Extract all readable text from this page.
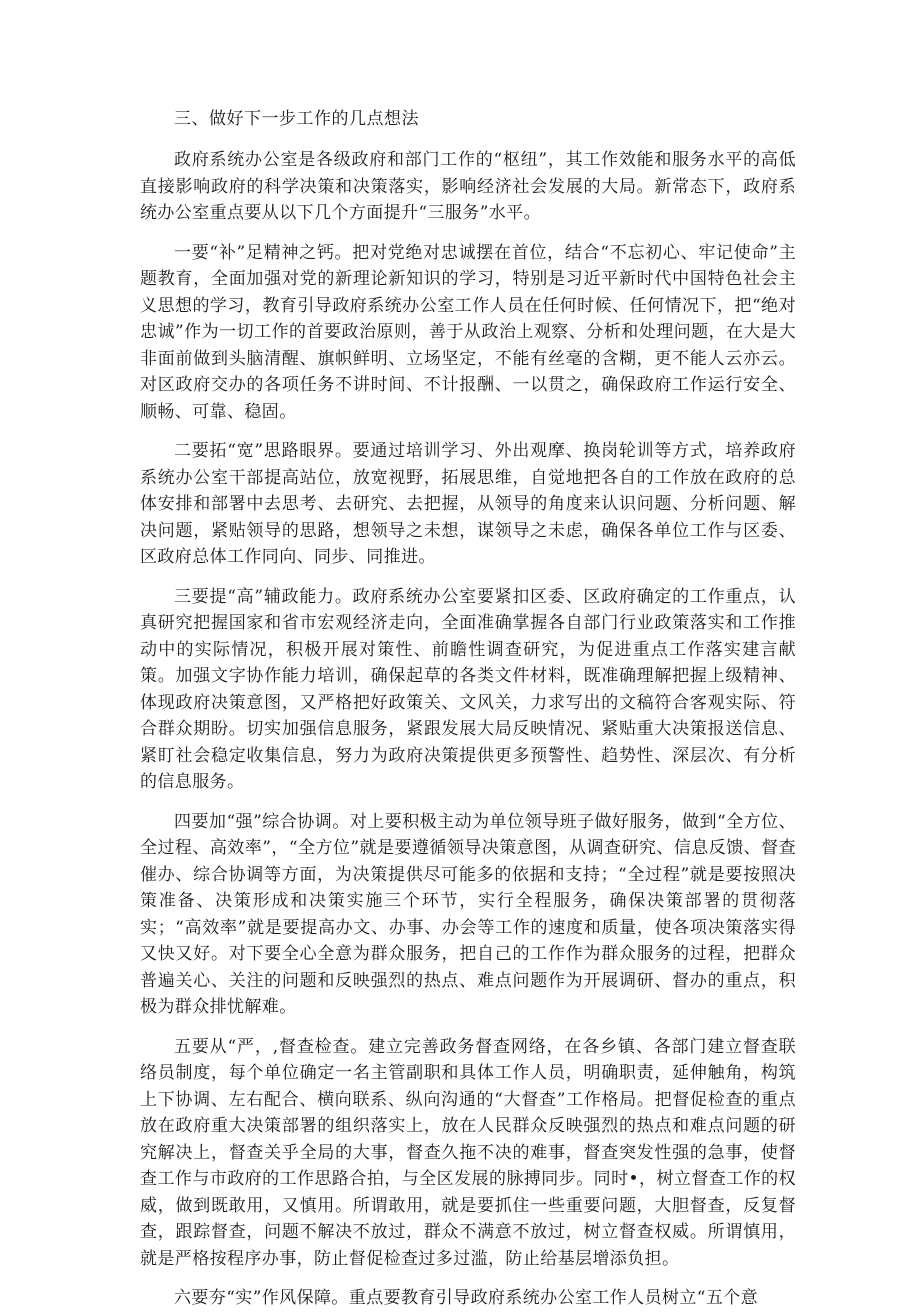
三、做好下一步工作的几点想法

政府系统办公室是各级政府和部门工作的“枢纽”，其工作效能和服务水平的高低直接影响政府的科学决策和决策落实，影响经济社会发展的大局。新常态下，政府系统办公室重点要从以下几个方面提升“三服务”水平。

一要“补”足精神之钙。把对党绝对忠诚摆在首位，结合“不忘初心、牢记使命”主题教育，全面加强对党的新理论新知识的学习，特别是习近平新时代中国特色社会主义思想的学习，教育引导政府系统办公室工作人员在任何时候、任何情况下，把“绝对忠诚”作为一切工作的首要政治原则，善于从政治上观察、分析和处理问题，在大是大非面前做到头脑清醒、旗帜鲜明、立场坚定，不能有丝毫的含糊，更不能人云亦云。对区政府交办的各项任务不讲时间、不计报酬、一以贯之，确保政府工作运行安全、顺畅、可靠、稳固。

二要拓“宽”思路眼界。要通过培训学习、外出观摩、换岗轮训等方式，培养政府系统办公室干部提高站位，放宽视野，拓展思维，自觉地把各自的工作放在政府的总体安排和部署中去思考、去研究、去把握，从领导的角度来认识问题、分析问题、解决问题，紧贴领导的思路，想领导之未想，谋领导之未虑，确保各单位工作与区委、区政府总体工作同向、同步、同推进。

三要提“高”辅政能力。政府系统办公室要紧扣区委、区政府确定的工作重点，认真研究把握国家和省市宏观经济走向，全面准确掌握各自部门行业政策落实和工作推动中的实际情况，积极开展对策性、前瞻性调查研究，为促进重点工作落实建言献策。加强文字协作能力培训，确保起草的各类文件材料，既准确理解把握上级精神、体现政府决策意图，又严格把好政策关、文风关，力求写出的文稿符合客观实际、符合群众期盼。切实加强信息服务，紧跟发展大局反映情况、紧贴重大决策报送信息、紧盯社会稳定收集信息，努力为政府决策提供更多预警性、趋势性、深层次、有分析的信息服务。

四要加“强”综合协调。对上要积极主动为单位领导班子做好服务，做到“全方位、全过程、高效率”，“全方位”就是要遵循领导决策意图，从调查研究、信息反馈、督查催办、综合协调等方面，为决策提供尽可能多的依据和支持；“全过程”就是要按照决策准备、决策形成和决策实施三个环节，实行全程服务，确保决策部署的贯彻落实；“高效率”就是要提高办文、办事、办会等工作的速度和质量，使各项决策落实得又快又好。对下要全心全意为群众服务，把自己的工作作为群众服务的过程，把群众普遍关心、关注的问题和反映强烈的热点、难点问题作为开展调研、督办的重点，积极为群众排忧解难。

五要从“严，,督查检查。建立完善政务督查网络，在各乡镇、各部门建立督查联络员制度，每个单位确定一名主管副职和具体工作人员，明确职责，延伸触角，构筑上下协调、左右配合、横向联系、纵向沟通的“大督查”工作格局。把督促检查的重点放在政府重大决策部署的组织落实上，放在人民群众反映强烈的热点和难点问题的研究解决上，督查关乎全局的大事，督查久拖不决的难事，督查突发性强的急事，使督查工作与市政府的工作思路合拍，与全区发展的脉搏同步。同时•，树立督查工作的权威，做到既敢用，又慎用。所谓敢用，就是要抓住一些重要问题，大胆督查，反复督查，跟踪督查，问题不解决不放过，群众不满意不放过，树立督查权威。所谓慎用，就是严格按程序办事，防止督促检查过多过滥，防止给基层增添负担。

六要夯“实”作风保障。重点要教育引导政府系统办公室工作人员树立“五个意
